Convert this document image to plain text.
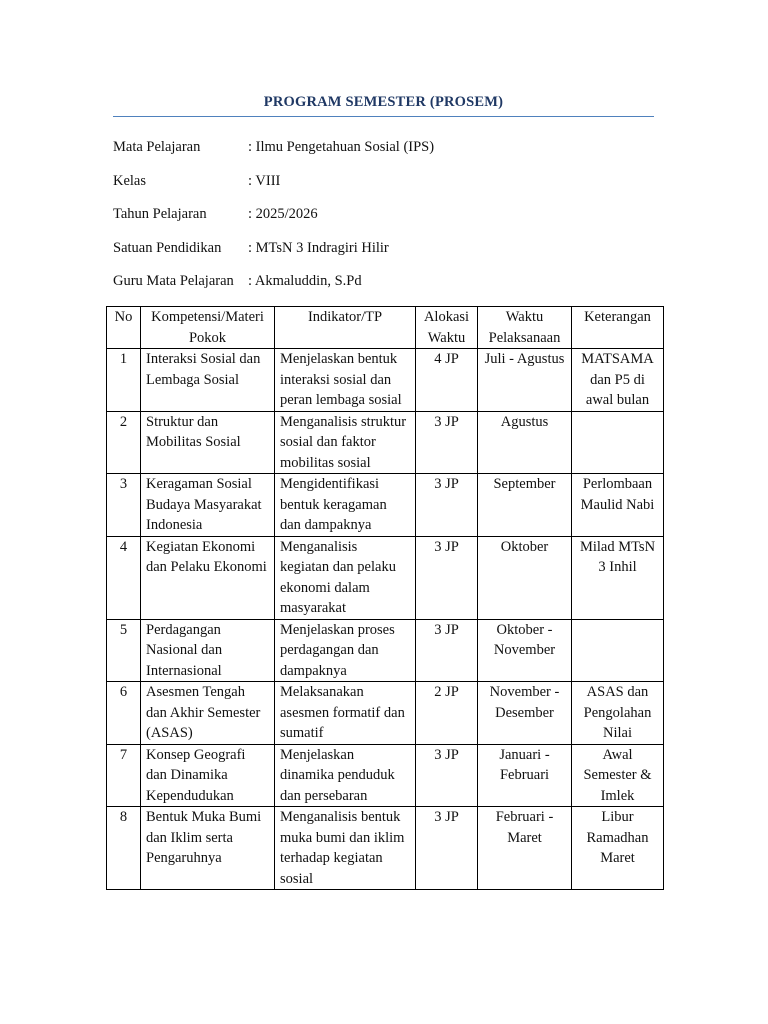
PROGRAM SEMESTER (PROSEM)
Mata Pelajaran	: Ilmu Pengetahuan Sosial (IPS)
Kelas	: VIII
Tahun Pelajaran	: 2025/2026
Satuan Pendidikan	: MTsN 3 Indragiri Hilir
Guru Mata Pelajaran : Akmaluddin, S.Pd
No	Kompetensi/Materi Pokok	Indikator/TP	Alokasi Waktu	Waktu Pelaksanaan	Keterangan
1	Interaksi Sosial dan Lembaga Sosial	Menjelaskan bentuk interaksi sosial dan peran lembaga sosial	4 JP	Juli - Agustus	MATSAMA dan P5 di awal bulan
2	Struktur dan Mobilitas Sosial	Menganalisis struktur sosial dan faktor mobilitas sosial	3 JP	Agustus	
3	Keragaman Sosial Budaya Masyarakat Indonesia	Mengidentifikasi bentuk keragaman dan dampaknya	3 JP	September	Perlombaan Maulid Nabi
4	Kegiatan Ekonomi dan Pelaku Ekonomi	Menganalisis kegiatan dan pelaku ekonomi dalam masyarakat	3 JP	Oktober	Milad MTsN 3 Inhil
5	Perdagangan Nasional dan Internasional	Menjelaskan proses perdagangan dan dampaknya	3 JP	Oktober - November	
6	Asesmen Tengah dan Akhir Semester (ASAS)	Melaksanakan asesmen formatif dan sumatif	2 JP	November - Desember	ASAS dan Pengolahan Nilai
7	Konsep Geografi dan Dinamika Kependudukan	Menjelaskan dinamika penduduk dan persebaran	3 JP	Januari - Februari	Awal Semester & Imlek
8	Bentuk Muka Bumi dan Iklim serta Pengaruhnya	Menganalisis bentuk muka bumi dan iklim terhadap kegiatan sosial	3 JP	Februari - Maret	Libur Ramadhan Maret
